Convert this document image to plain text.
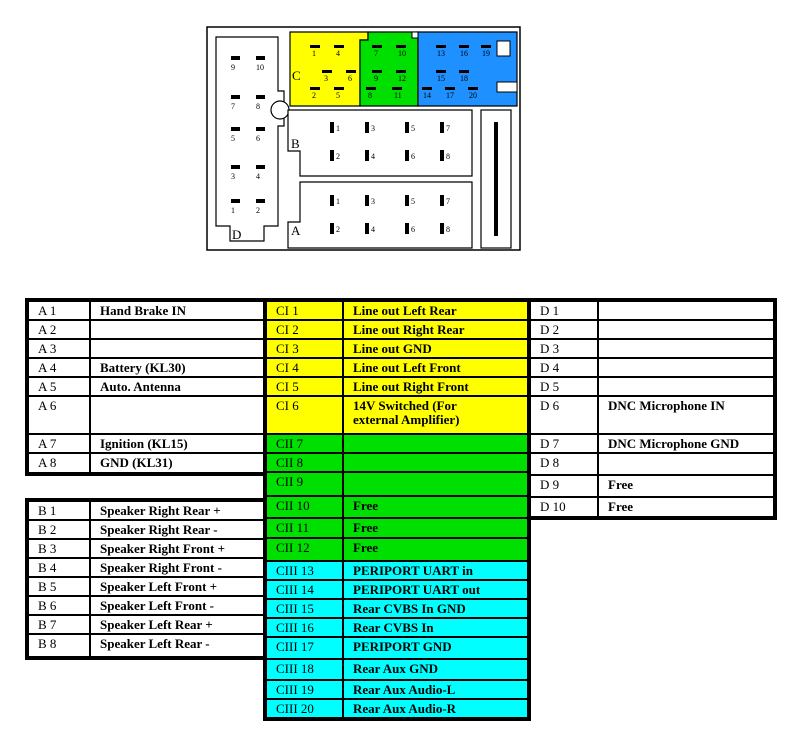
C
B
A
D
9	10
7	8
5	6
3	4
1	2
1	4
3	6
2	5
7	10
9	12
8	11
13 16 19
15 18
14 17 20
1	3	5	7
2	4	6	8
1	3	5	7
2	4	6	8
A 1	Hand Brake IN
A 2
A 3
A 4	Battery (KL30)
A 5	Auto. Antenna
A 6
A 7	Ignition (KL15)
A 8	GND (KL31)
B 1	Speaker Right Rear +
B 2	Speaker Right Rear -
B 3	Speaker Right Front +
B 4	Speaker Right Front -
B 5	Speaker Left Front +
B 6	Speaker Left Front -
B 7	Speaker Left Rear +
B 8	Speaker Left Rear -
CI 1	Line out Left Rear
CI 2	Line out Right Rear
CI 3	Line out GND
CI 4	Line out Left Front
CI 5	Line out Right Front
CI 6	14V Switched (For
external Amplifier)
CII 7
CII 8
CII 9
CII 10	Free
CII 11	Free
CII 12	Free
CIII 13	PERIPORT UART in
CIII 14	PERIPORT UART out
CIII 15	Rear CVBS In GND
CIII 16	Rear CVBS In
CIII 17	PERIPORT GND
CIII 18	Rear Aux GND
CIII 19	Rear Aux Audio-L
CIII 20	Rear Aux Audio-R
D 1
D 2
D 3
D 4
D 5
D 6	DNC Microphone IN
D 7	DNC Microphone GND
D 8
D 9	Free
D 10	Free
